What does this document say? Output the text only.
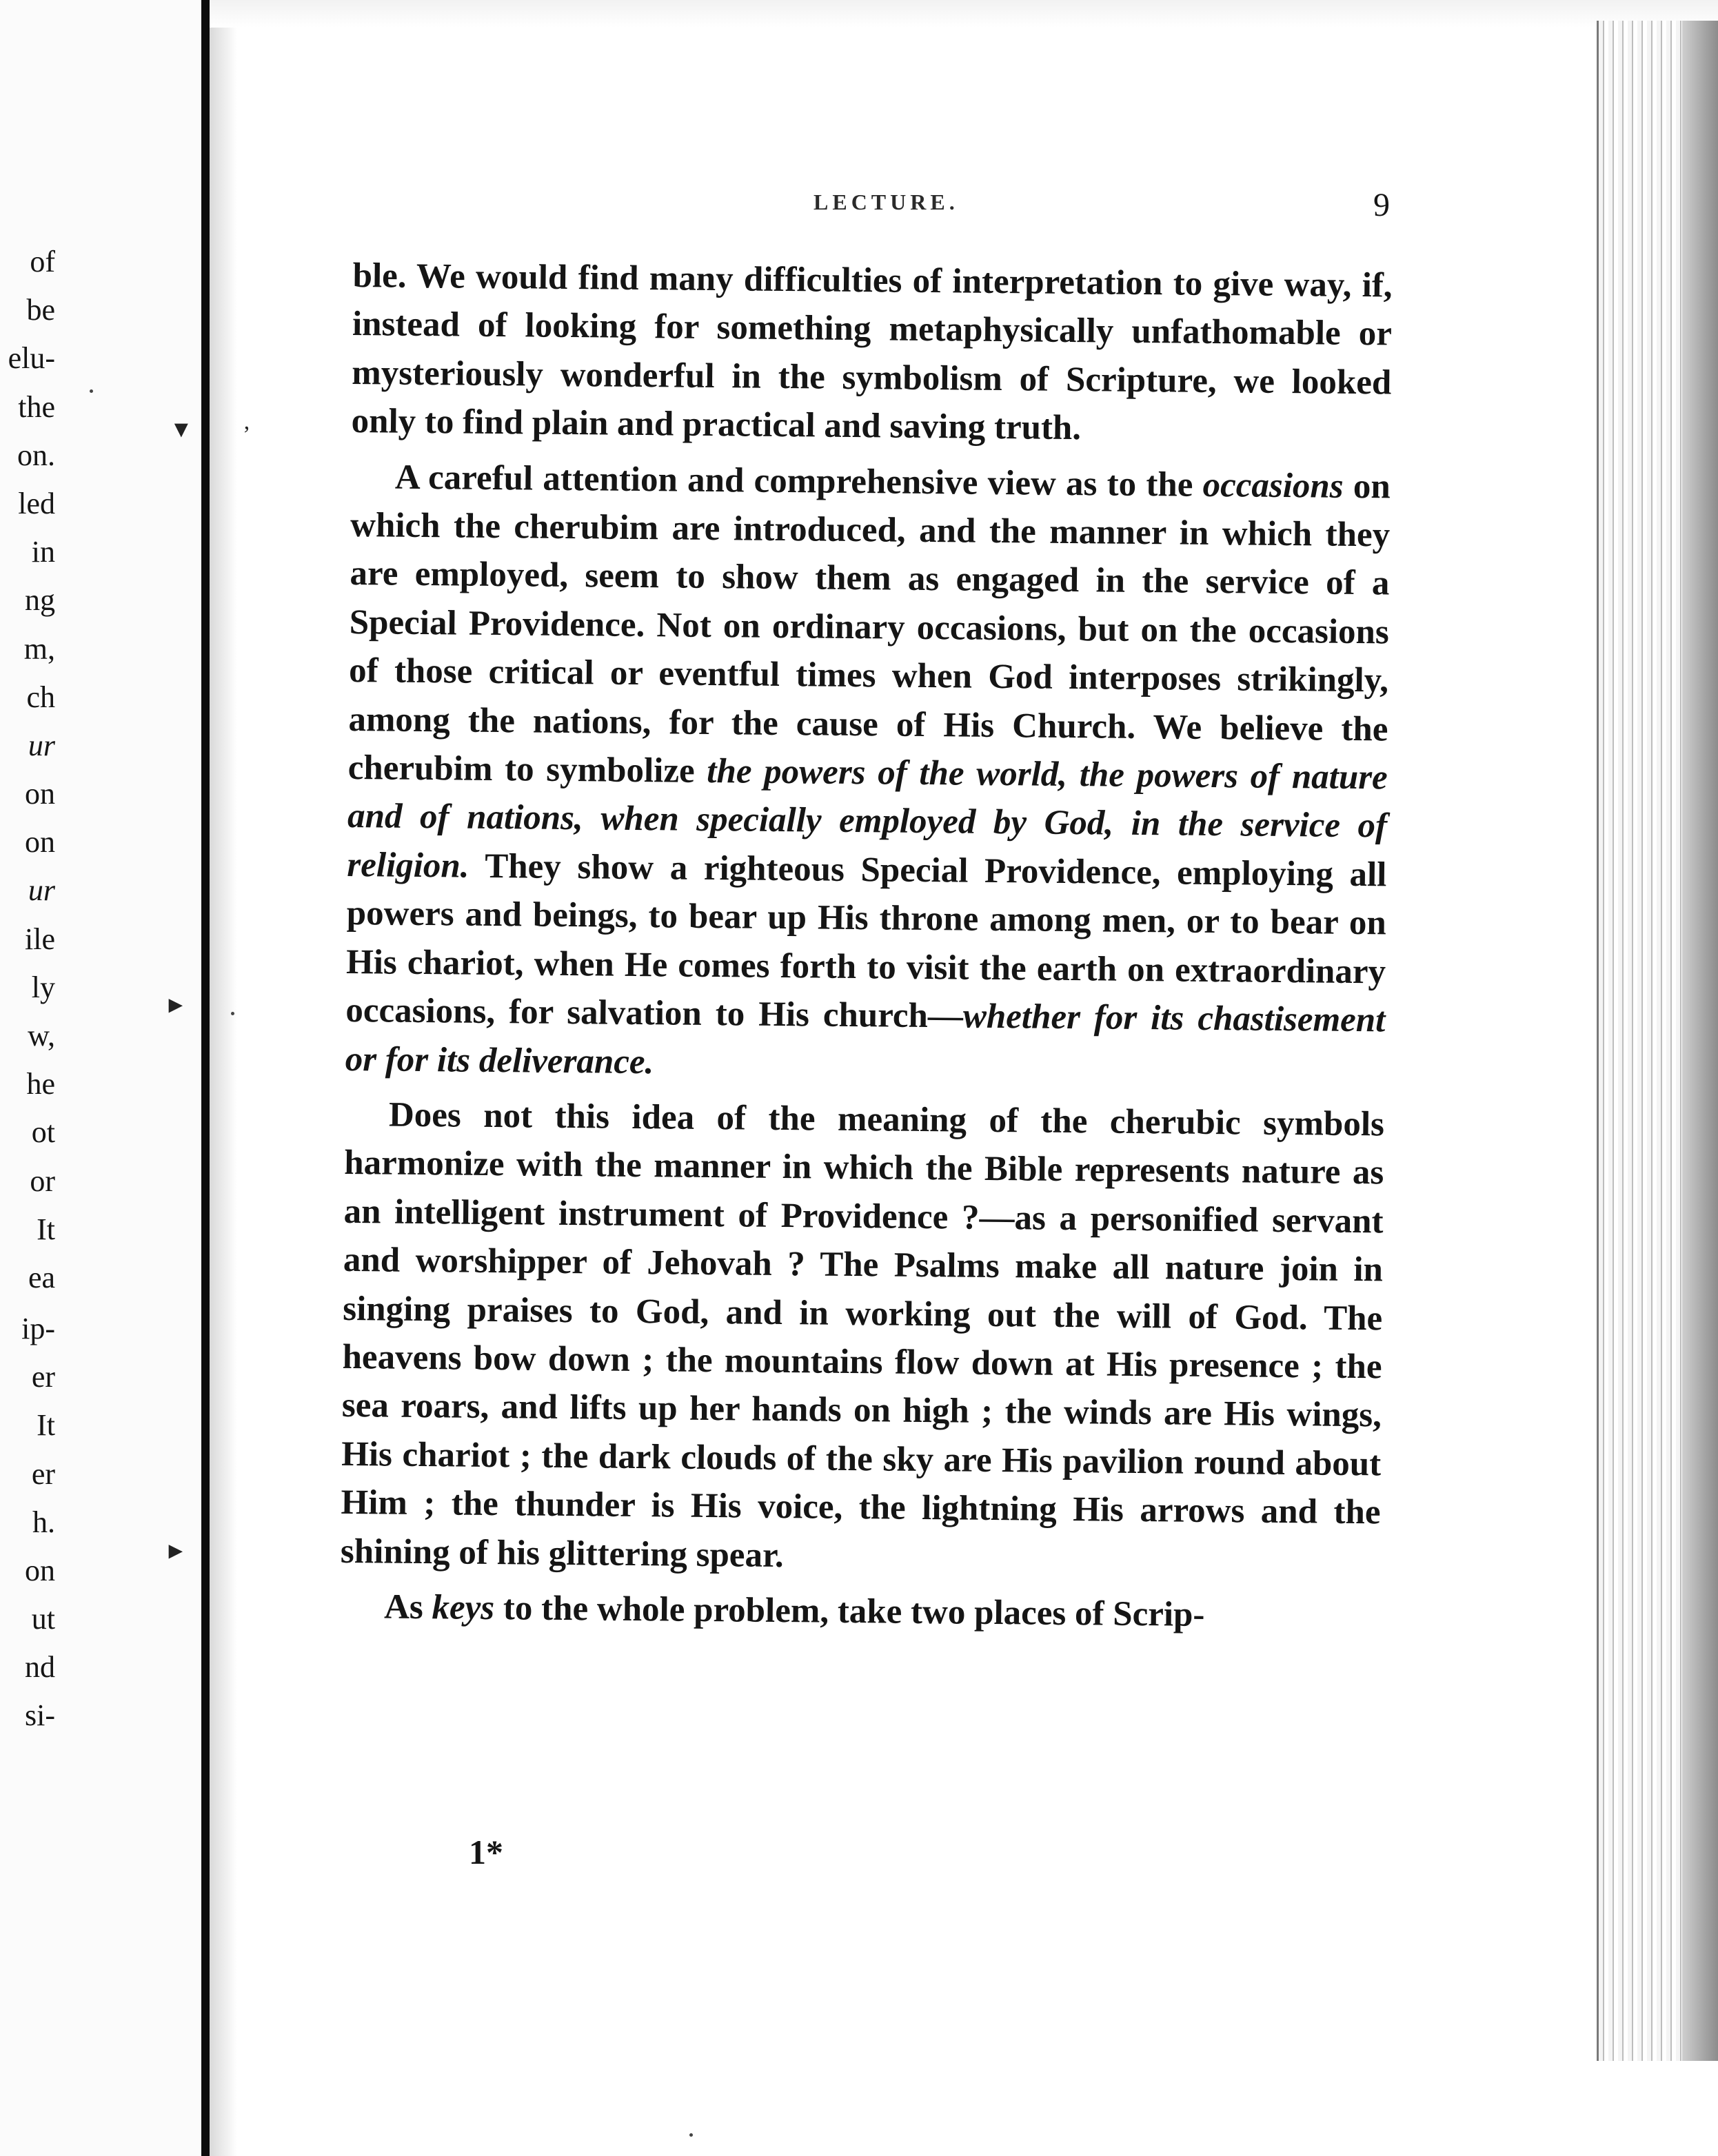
of
be
elu-
the
on.
led
in
ng
m,
ch
ur
on
on
ur
ile
ly
w,
he
ot
or
It
ea
ip-
er
It
er
h.
on
ut
nd
si-
▼ ’
►
►
LECTURE.	9

ble. We would find many difficulties of interpretation to give way, if, instead of looking for something metaphysically unfathomable or mysteriously wonderful in the symbolism of Scripture, we looked only to find plain and practical and saving truth.

A careful attention and comprehensive view as to the occasions on which the cherubim are introduced, and the manner in which they are employed, seem to show them as engaged in the service of a Special Providence. Not on ordinary occasions, but on the occasions of those critical or eventful times when God interposes strikingly, among the nations, for the cause of His Church. We believe the cherubim to symbolize the powers of the world, the powers of nature and of nations, when specially employed by God, in the service of religion. They show a righteous Special Providence, employing all powers and beings, to bear up His throne among men, or to bear on His chariot, when He comes forth to visit the earth on extraordinary occasions, for salvation to His church—whether for its chastisement or for its deliverance.

Does not this idea of the meaning of the cherubic symbols harmonize with the manner in which the Bible represents nature as an intelligent instrument of Providence ?—as a personified servant and worshipper of Jehovah ? The Psalms make all nature join in singing praises to God, and in working out the will of God. The heavens bow down ; the mountains flow down at His presence ; the sea roars, and lifts up her hands on high ; the winds are His wings, His chariot ; the dark clouds of the sky are His pavilion round about Him ; the thunder is His voice, the lightning His arrows and the shining of his glittering spear.

As keys to the whole problem, take two places of Scrip-

1*
